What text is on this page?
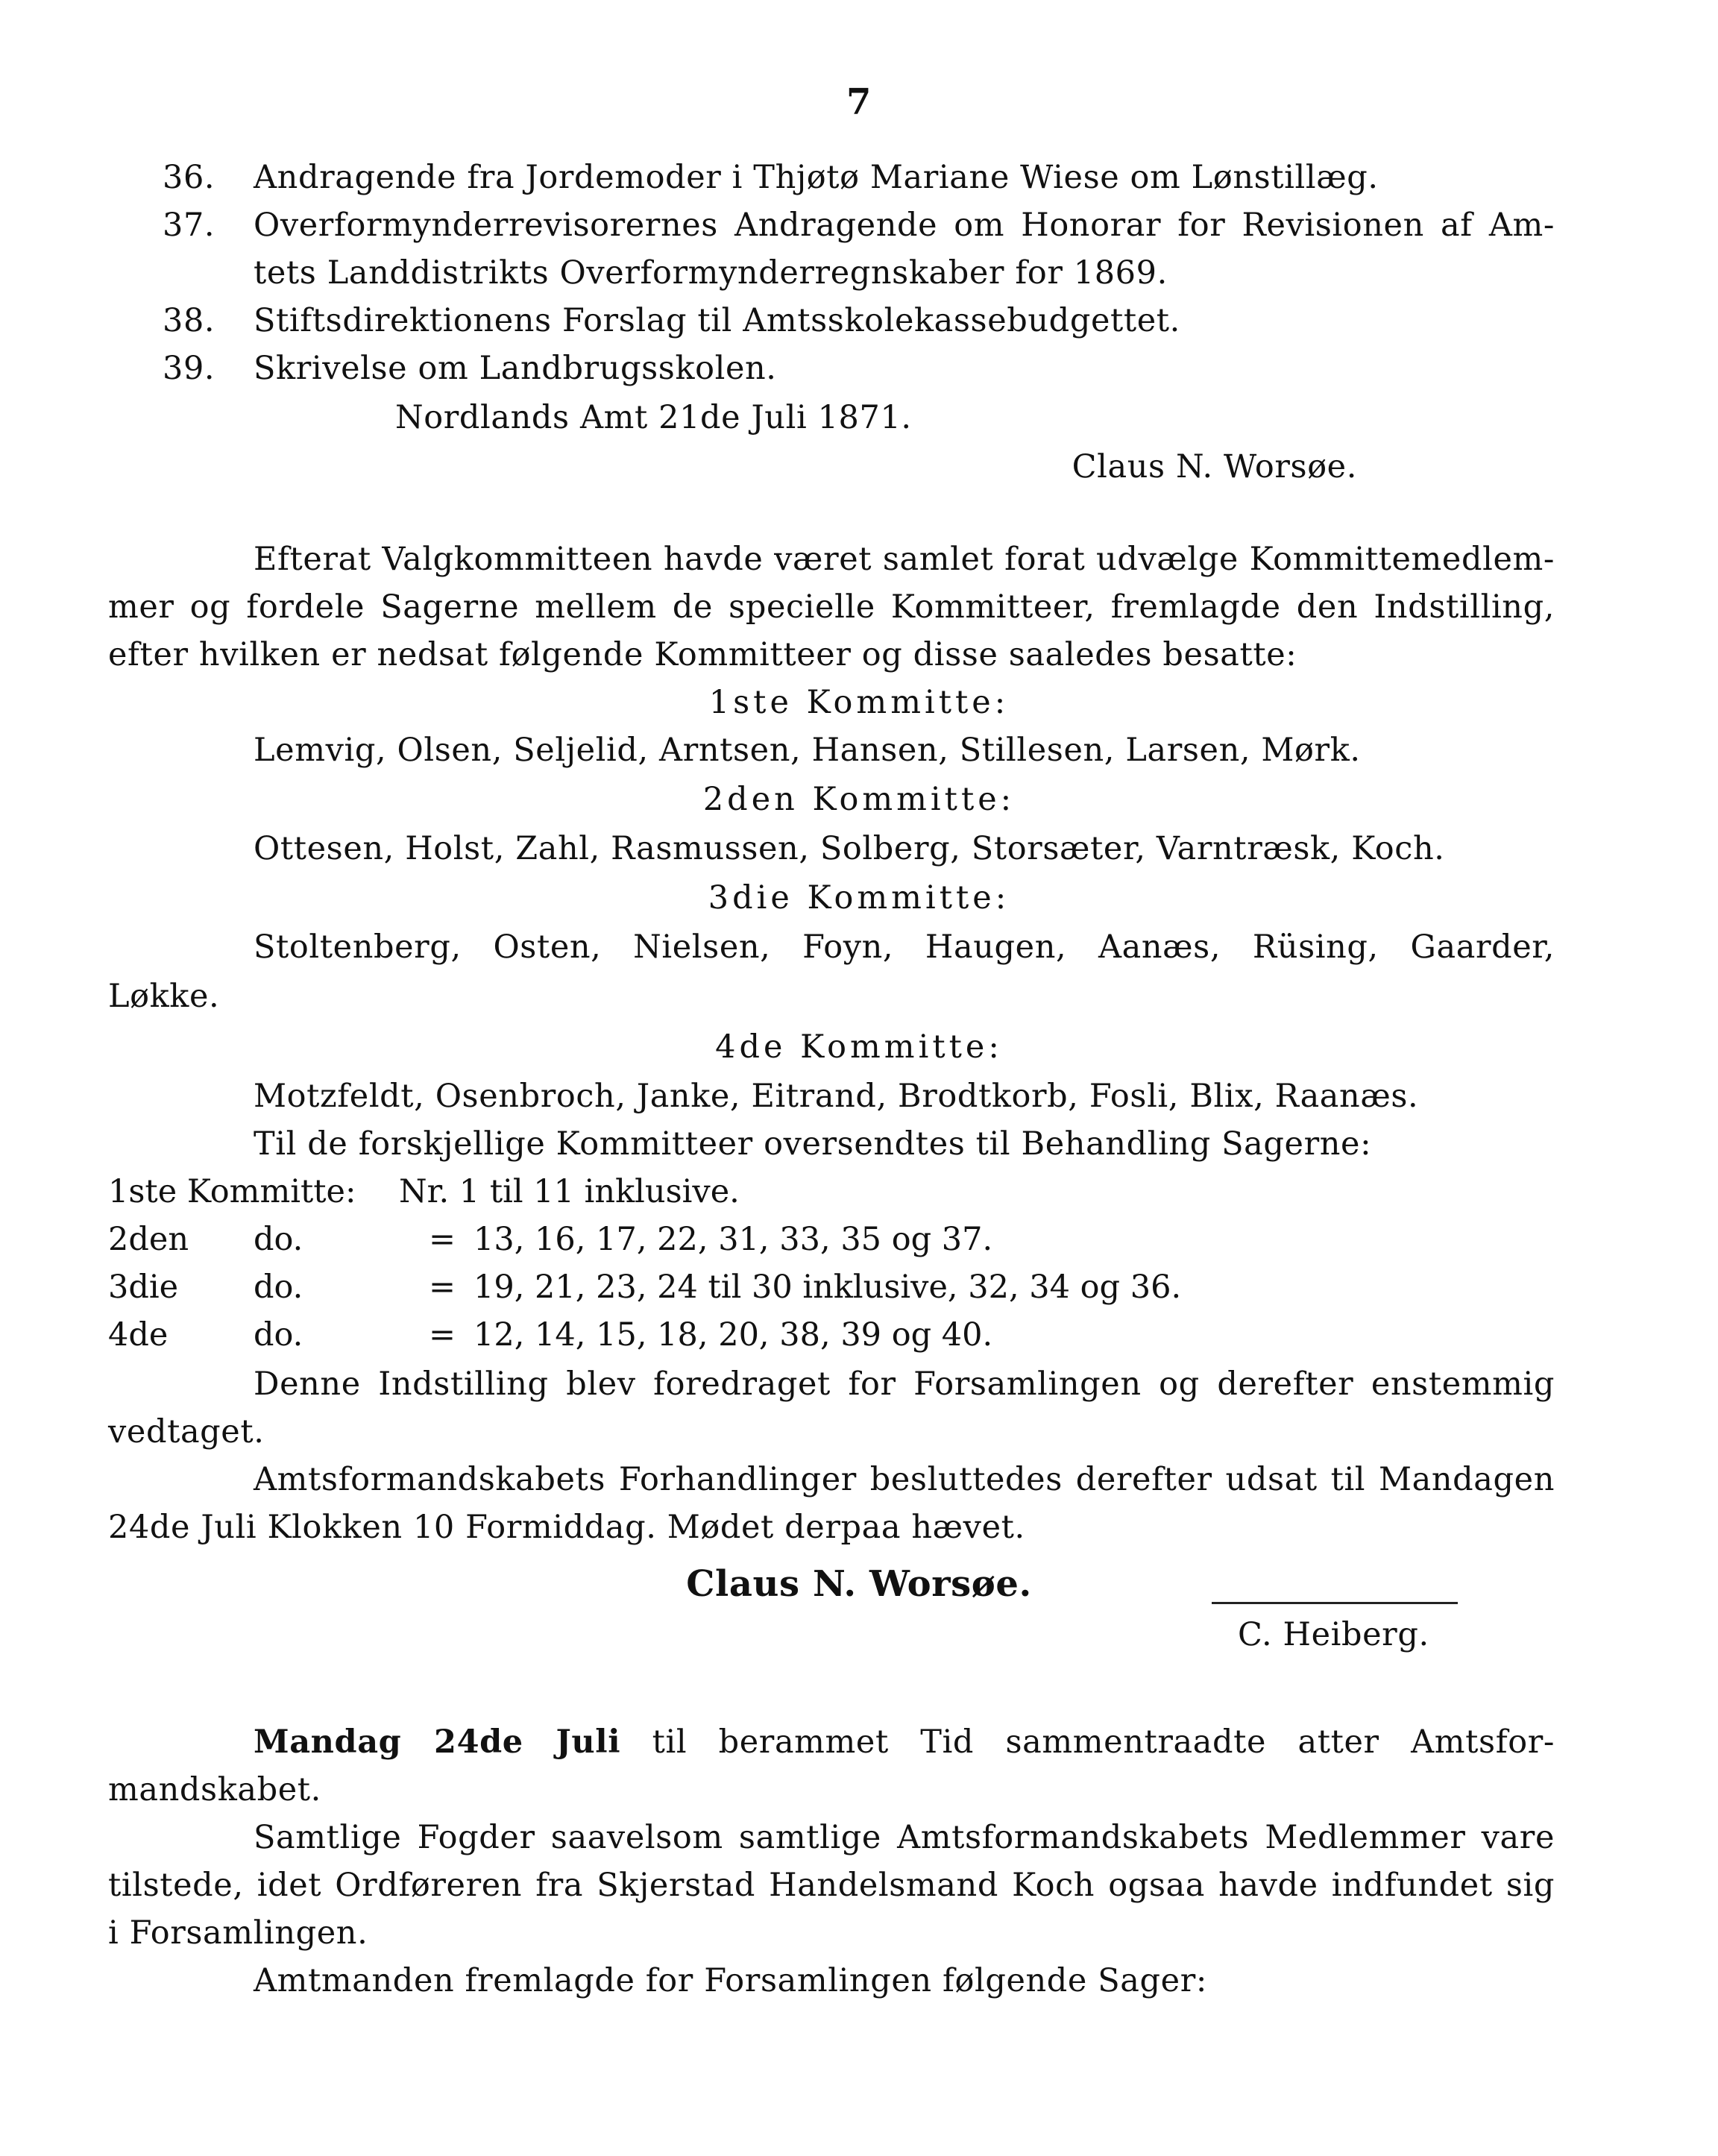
7
36. Andragende fra Jordemoder i Thjøtø Mariane Wiese om Lønstillæg.
37. Overformynderrevisorernes Andragende om Honorar for Revisionen af Am-
tets Landdistrikts Overformynderregnskaber for 1869.
38. Stiftsdirektionens Forslag til Amtsskolekassebudgettet.
39. Skrivelse om Landbrugsskolen.
Nordlands Amt 21de Juli 1871.
Claus N. Worsøe.
Efterat Valgkommitteen havde været samlet forat udvælge Kommittemedlem-
mer og fordele Sagerne mellem de specielle Kommitteer, fremlagde den Indstilling,
efter hvilken er nedsat følgende Kommitteer og disse saaledes besatte:
1ste Kommitte:
Lemvig, Olsen, Seljelid, Arntsen, Hansen, Stillesen, Larsen, Mørk.
2den Kommitte:
Ottesen, Holst, Zahl, Rasmussen, Solberg, Storsæter, Varntræsk, Koch.
3die Kommitte:
Stoltenberg, Osten, Nielsen, Foyn, Haugen, Aanæs, Rüsing, Gaarder,
Løkke.
4de Kommitte:
Motzfeldt, Osenbroch, Janke, Eitrand, Brodtkorb, Fosli, Blix, Raanæs.
Til de forskjellige Kommitteer oversendtes til Behandling Sagerne:
1ste Kommitte: Nr. 1 til 11 inklusive.
2den do.	= 13, 16, 17, 22, 31, 33, 35 og 37.
3die do.	= 19, 21, 23, 24 til 30 inklusive, 32, 34 og 36.
4de	do.	= 12, 14, 15, 18, 20, 38, 39 og 40.
Denne Indstilling blev foredraget for Forsamlingen og derefter enstemmig
vedtaget.
Amtsformandskabets Forhandlinger besluttedes derefter udsat til Mandagen
24de Juli Klokken 10 Formiddag. Mødet derpaa hævet.
Claus N. Worsøe.
C. Heiberg.
Mandag 24de Juli til berammet Tid sammentraadte atter Amtsfor-
mandskabet.
Samtlige Fogder saavelsom samtlige Amtsformandskabets Medlemmer vare
tilstede, idet Ordføreren fra Skjerstad Handelsmand Koch ogsaa havde indfundet sig
i Forsamlingen.
Amtmanden fremlagde for Forsamlingen følgende Sager:
